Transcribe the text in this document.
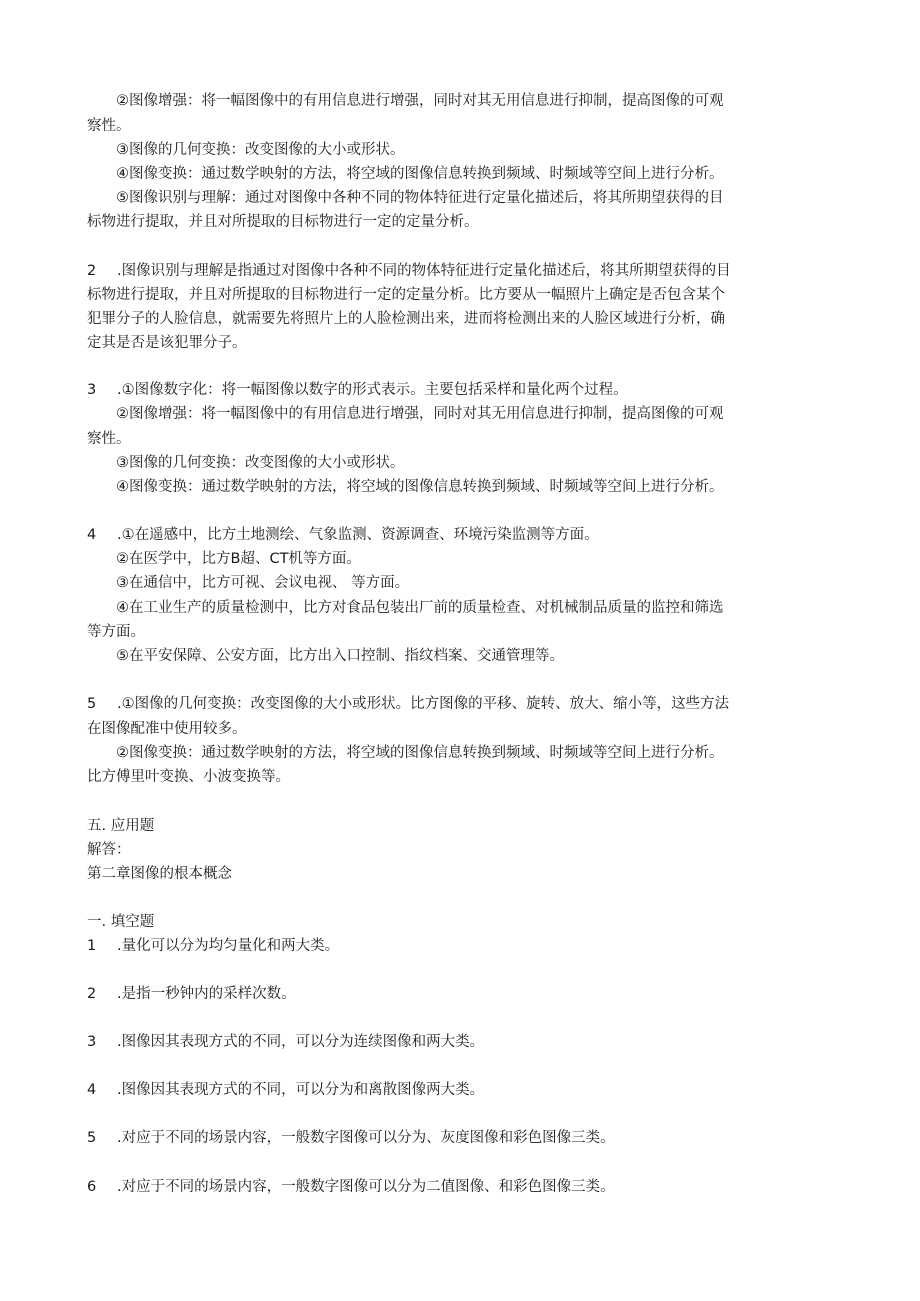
②图像增强：将一幅图像中的有用信息进行增强，同时对其无用信息进行抑制，提高图像的可观
察性。
③图像的几何变换：改变图像的大小或形状。
④图像变换：通过数学映射的方法，将空域的图像信息转换到频域、时频域等空间上进行分析。
⑤图像识别与理解：通过对图像中各种不同的物体特征进行定量化描述后，将其所期望获得的目
标物进行提取，并且对所提取的目标物进行一定的定量分析。
2 .图像识别与理解是指通过对图像中各种不同的物体特征进行定量化描述后，将其所期望获得的目
标物进行提取，并且对所提取的目标物进行一定的定量分析。比方要从一幅照片上确定是否包含某个
犯罪分子的人脸信息，就需要先将照片上的人脸检测出来，进而将检测出来的人脸区域进行分析，确
定其是否是该犯罪分子。
3 .①图像数字化：将一幅图像以数字的形式表示。主要包括采样和量化两个过程。
②图像增强：将一幅图像中的有用信息进行增强，同时对其无用信息进行抑制，提高图像的可观
察性。
③图像的几何变换：改变图像的大小或形状。
④图像变换：通过数学映射的方法，将空域的图像信息转换到频域、时频域等空间上进行分析。
4 .①在遥感中，比方土地测绘、气象监测、资源调查、环境污染监测等方面。
②在医学中，比方B超、CT机等方面。
③在通信中，比方可视、会议电视、 等方面。
④在工业生产的质量检测中，比方对食品包装出厂前的质量检查、对机械制品质量的监控和筛选
等方面。
⑤在平安保障、公安方面，比方出入口控制、指纹档案、交通管理等。
5 .①图像的几何变换：改变图像的大小或形状。比方图像的平移、旋转、放大、缩小等，这些方法
在图像配准中使用较多。
②图像变换：通过数学映射的方法，将空域的图像信息转换到频域、时频域等空间上进行分析。
比方傅里叶变换、小波变换等。
五. 应用题
解答：
第二章图像的根本概念
一. 填空题
1 .量化可以分为均匀量化和两大类。
2 .是指一秒钟内的采样次数。
3 .图像因其表现方式的不同，可以分为连续图像和两大类。
4 .图像因其表现方式的不同，可以分为和离散图像两大类。
5 .对应于不同的场景内容，一般数字图像可以分为、灰度图像和彩色图像三类。
6 .对应于不同的场景内容，一般数字图像可以分为二值图像、和彩色图像三类。
